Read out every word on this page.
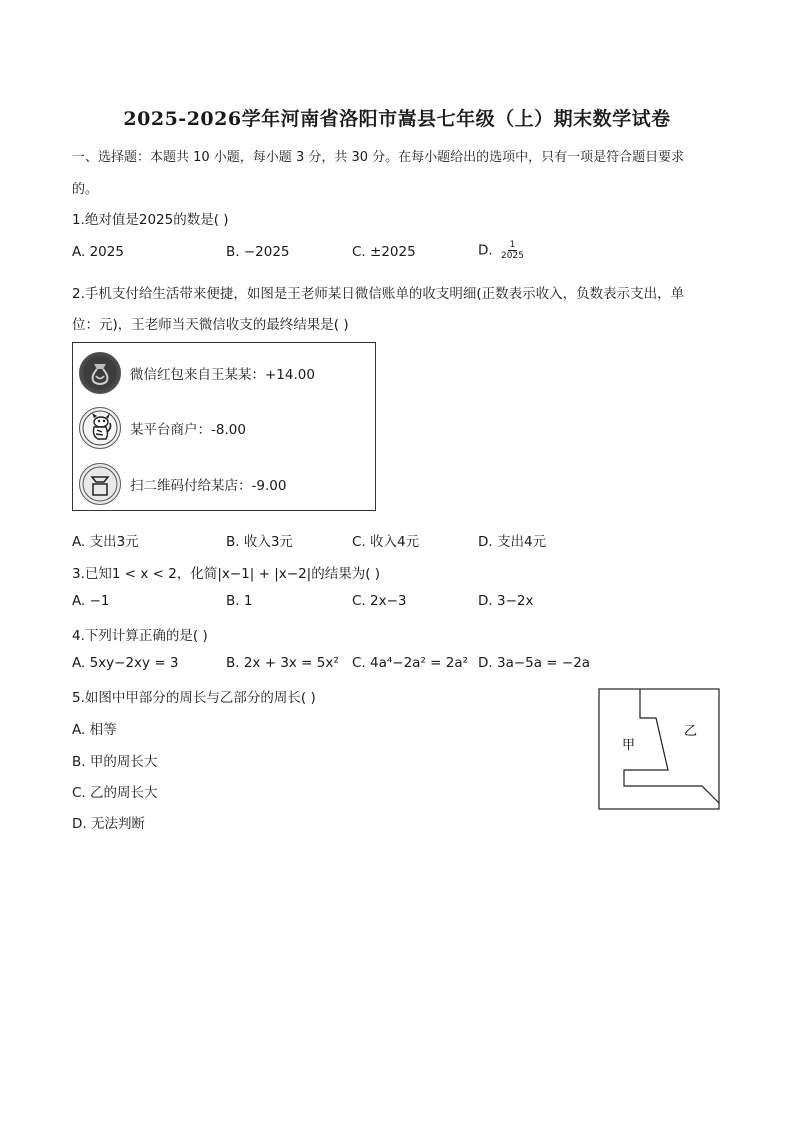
2025-2026学年河南省洛阳市嵩县七年级（上）期末数学试卷
一、选择题：本题共 10 小题，每小题 3 分，共 30 分。在每小题给出的选项中，只有一项是符合题目要求
的。
1.绝对值是2025的数是( )
A. 2025	B. −2025	C. ±2025	D. $\frac{1}{2025}$
2.手机支付给生活带来便捷，如图是王老师某日微信账单的收支明细(正数表示收入，负数表示支出，单
位：元)，王老师当天微信收支的最终结果是( )
微信红包来自王某某：+14.00
某平台商户：-8.00
扫二维码付给某店：-9.00
A. 支出3元	B. 收入3元	C. 收入4元	D. 支出4元
3.已知1 < x < 2，化简|x−1| + |x−2|的结果为( )
A. −1	B. 1	C. 2x−3	D. 3−2x
4.下列计算正确的是( )
A. 5xy−2xy = 3	B. 2x + 3x = 5x² C. 4a⁴−2a² = 2a² D. 3a−5a = −2a
5.如图中甲部分的周长与乙部分的周长( )
A. 相等
B. 甲的周长大
C. 乙的周长大
D. 无法判断
甲
乙
